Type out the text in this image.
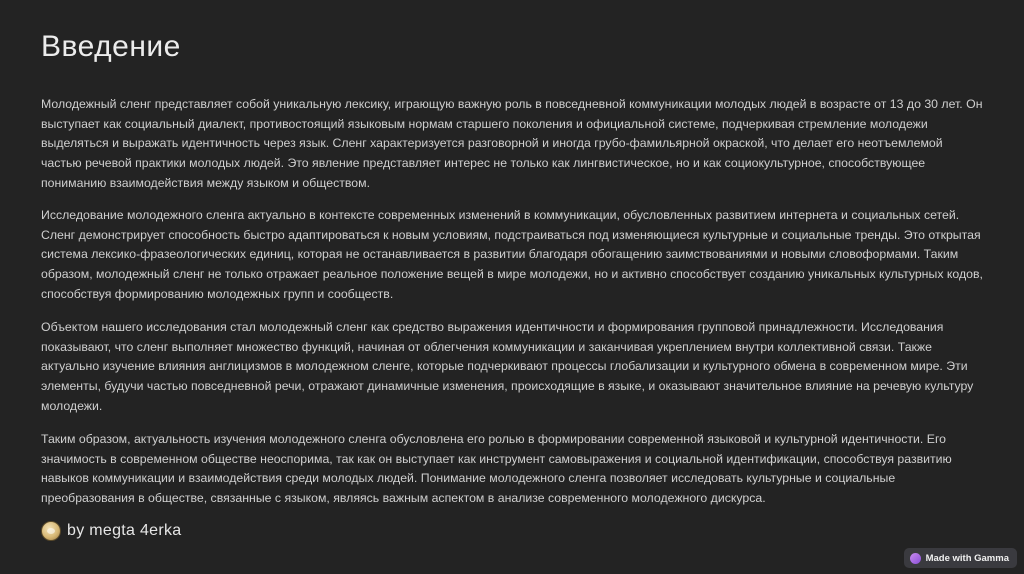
Введение

Молодежный сленг представляет собой уникальную лексику, играющую важную роль в повседневной коммуникации молодых людей в возрасте от 13 до 30 лет. Он выступает как социальный диалект, противостоящий языковым нормам старшего поколения и официальной системе, подчеркивая стремление молодежи выделяться и выражать идентичность через язык. Сленг характеризуется разговорной и иногда грубо-фамильярной окраской, что делает его неотъемлемой частью речевой практики молодых людей. Это явление представляет интерес не только как лингвистическое, но и как социокультурное, способствующее пониманию взаимодействия между языком и обществом.

Исследование молодежного сленга актуально в контексте современных изменений в коммуникации, обусловленных развитием интернета и социальных сетей. Сленг демонстрирует способность быстро адаптироваться к новым условиям, подстраиваться под изменяющиеся культурные и социальные тренды. Это открытая система лексико-фразеологических единиц, которая не останавливается в развитии благодаря обогащению заимствованиями и новыми словоформами. Таким образом, молодежный сленг не только отражает реальное положение вещей в мире молодежи, но и активно способствует созданию уникальных культурных кодов, способствуя формированию молодежных групп и сообществ.

Объектом нашего исследования стал молодежный сленг как средство выражения идентичности и формирования групповой принадлежности. Исследования показывают, что сленг выполняет множество функций, начиная от облегчения коммуникации и заканчивая укреплением внутри коллективной связи. Также актуально изучение влияния англицизмов в молодежном сленге, которые подчеркивают процессы глобализации и культурного обмена в современном мире. Эти элементы, будучи частью повседневной речи, отражают динамичные изменения, происходящие в языке, и оказывают значительное влияние на речевую культуру молодежи.

Таким образом, актуальность изучения молодежного сленга обусловлена его ролью в формировании современной языковой и культурной идентичности. Его значимость в современном обществе неоспорима, так как он выступает как инструмент самовыражения и социальной идентификации, способствуя развитию навыков коммуникации и взаимодействия среди молодых людей. Понимание молодежного сленга позволяет исследовать культурные и социальные преобразования в обществе, связанные с языком, являясь важным аспектом в анализе современного молодежного дискурса.

by megta 4erka
Made with Gamma
